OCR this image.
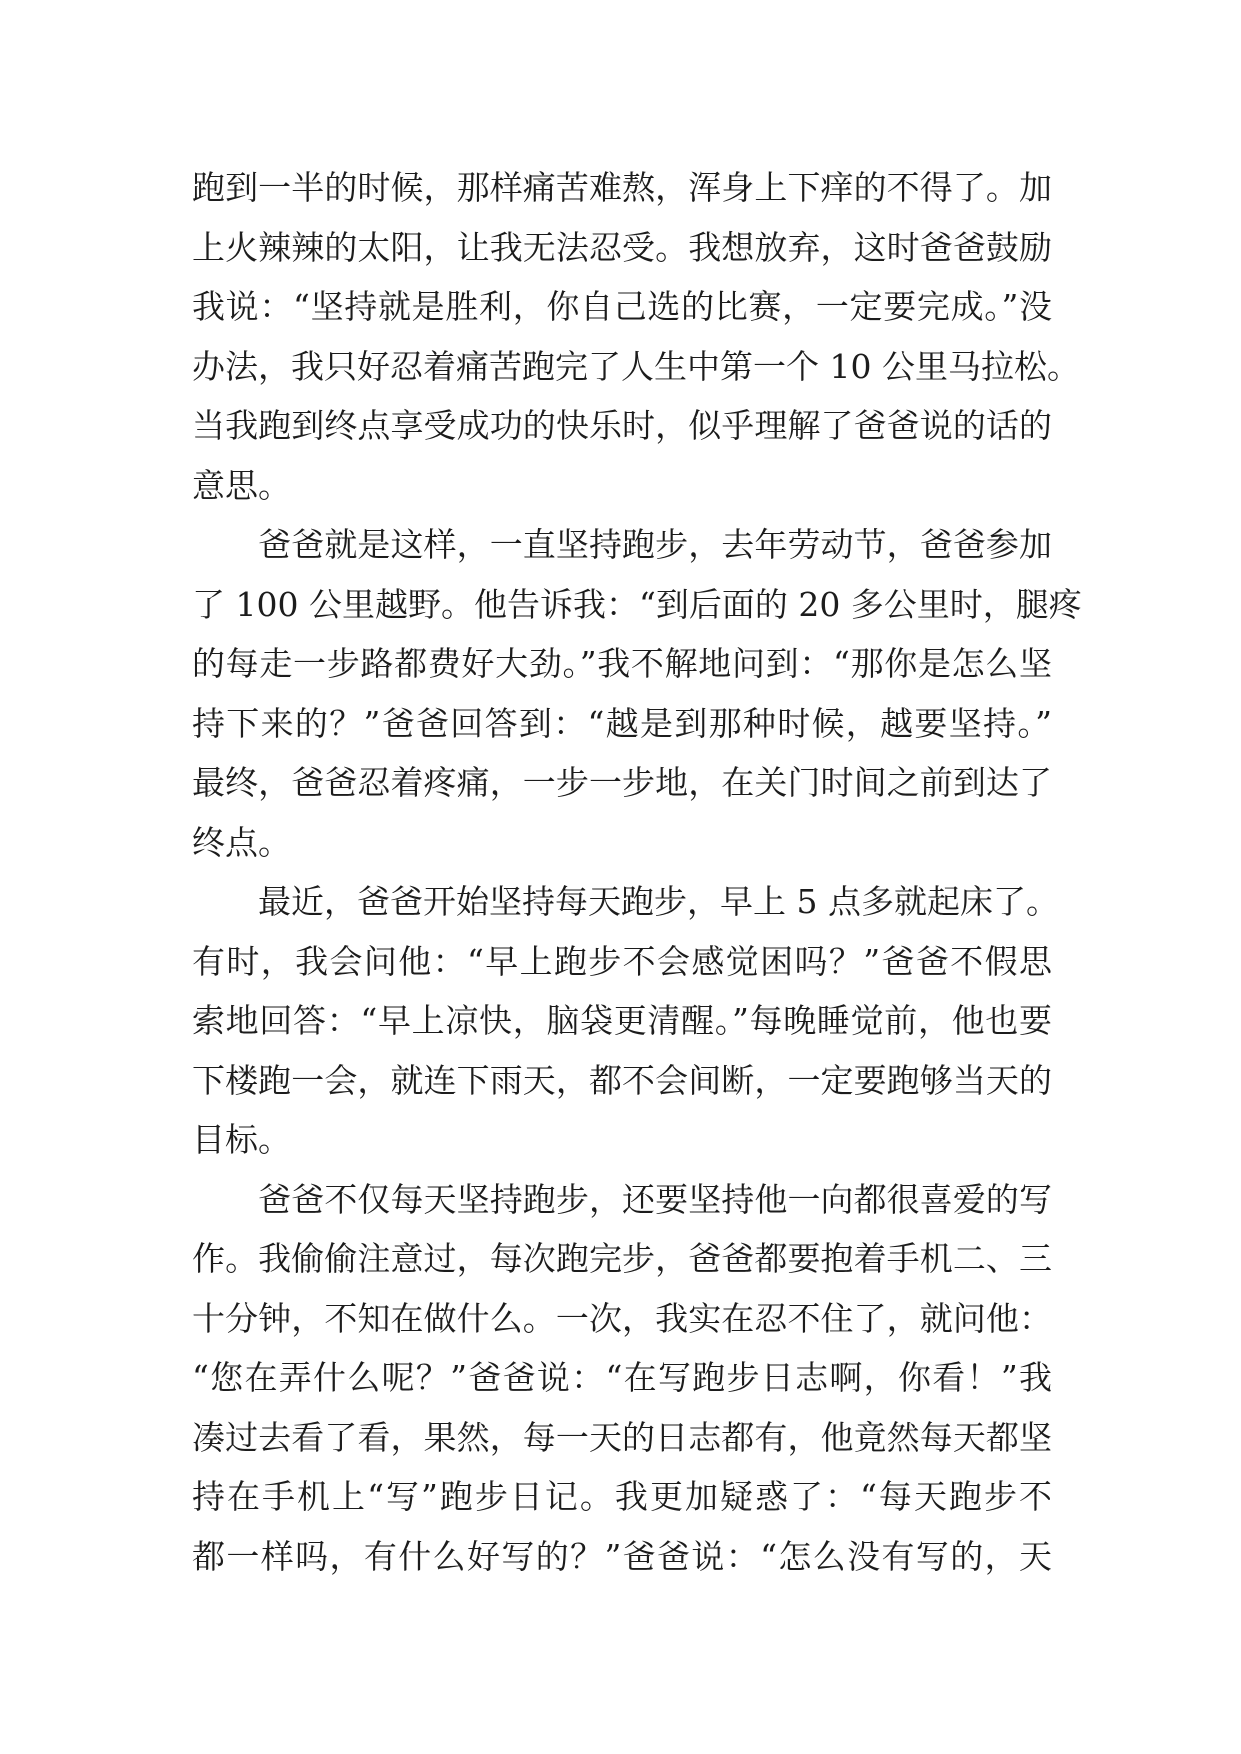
跑到一半的时候，那样痛苦难熬，浑身上下痒的不得了。加
上火辣辣的太阳，让我无法忍受。我想放弃，这时爸爸鼓励
我说：“坚持就是胜利，你自己选的比赛，一定要完成。”没
办法，我只好忍着痛苦跑完了人生中第一个 10 公里马拉松。
当我跑到终点享受成功的快乐时，似乎理解了爸爸说的话的
意思。
　　爸爸就是这样，一直坚持跑步，去年劳动节，爸爸参加
了 100 公里越野。他告诉我：“到后面的 20 多公里时，腿疼
的每走一步路都费好大劲。”我不解地问到：“那你是怎么坚
持下来的？”爸爸回答到：“越是到那种时候，越要坚持。”
最终，爸爸忍着疼痛，一步一步地，在关门时间之前到达了
终点。
　　最近，爸爸开始坚持每天跑步，早上 5 点多就起床了。
有时，我会问他：“早上跑步不会感觉困吗？”爸爸不假思
索地回答：“早上凉快，脑袋更清醒。”每晚睡觉前，他也要
下楼跑一会，就连下雨天，都不会间断，一定要跑够当天的
目标。
　　爸爸不仅每天坚持跑步，还要坚持他一向都很喜爱的写
作。我偷偷注意过，每次跑完步，爸爸都要抱着手机二、三
十分钟，不知在做什么。一次，我实在忍不住了，就问他：
“您在弄什么呢？”爸爸说：“在写跑步日志啊，你看！”我
凑过去看了看，果然，每一天的日志都有，他竟然每天都坚
持在手机上“写”跑步日记。我更加疑惑了：“每天跑步不
都一样吗，有什么好写的？”爸爸说：“怎么没有写的，天
